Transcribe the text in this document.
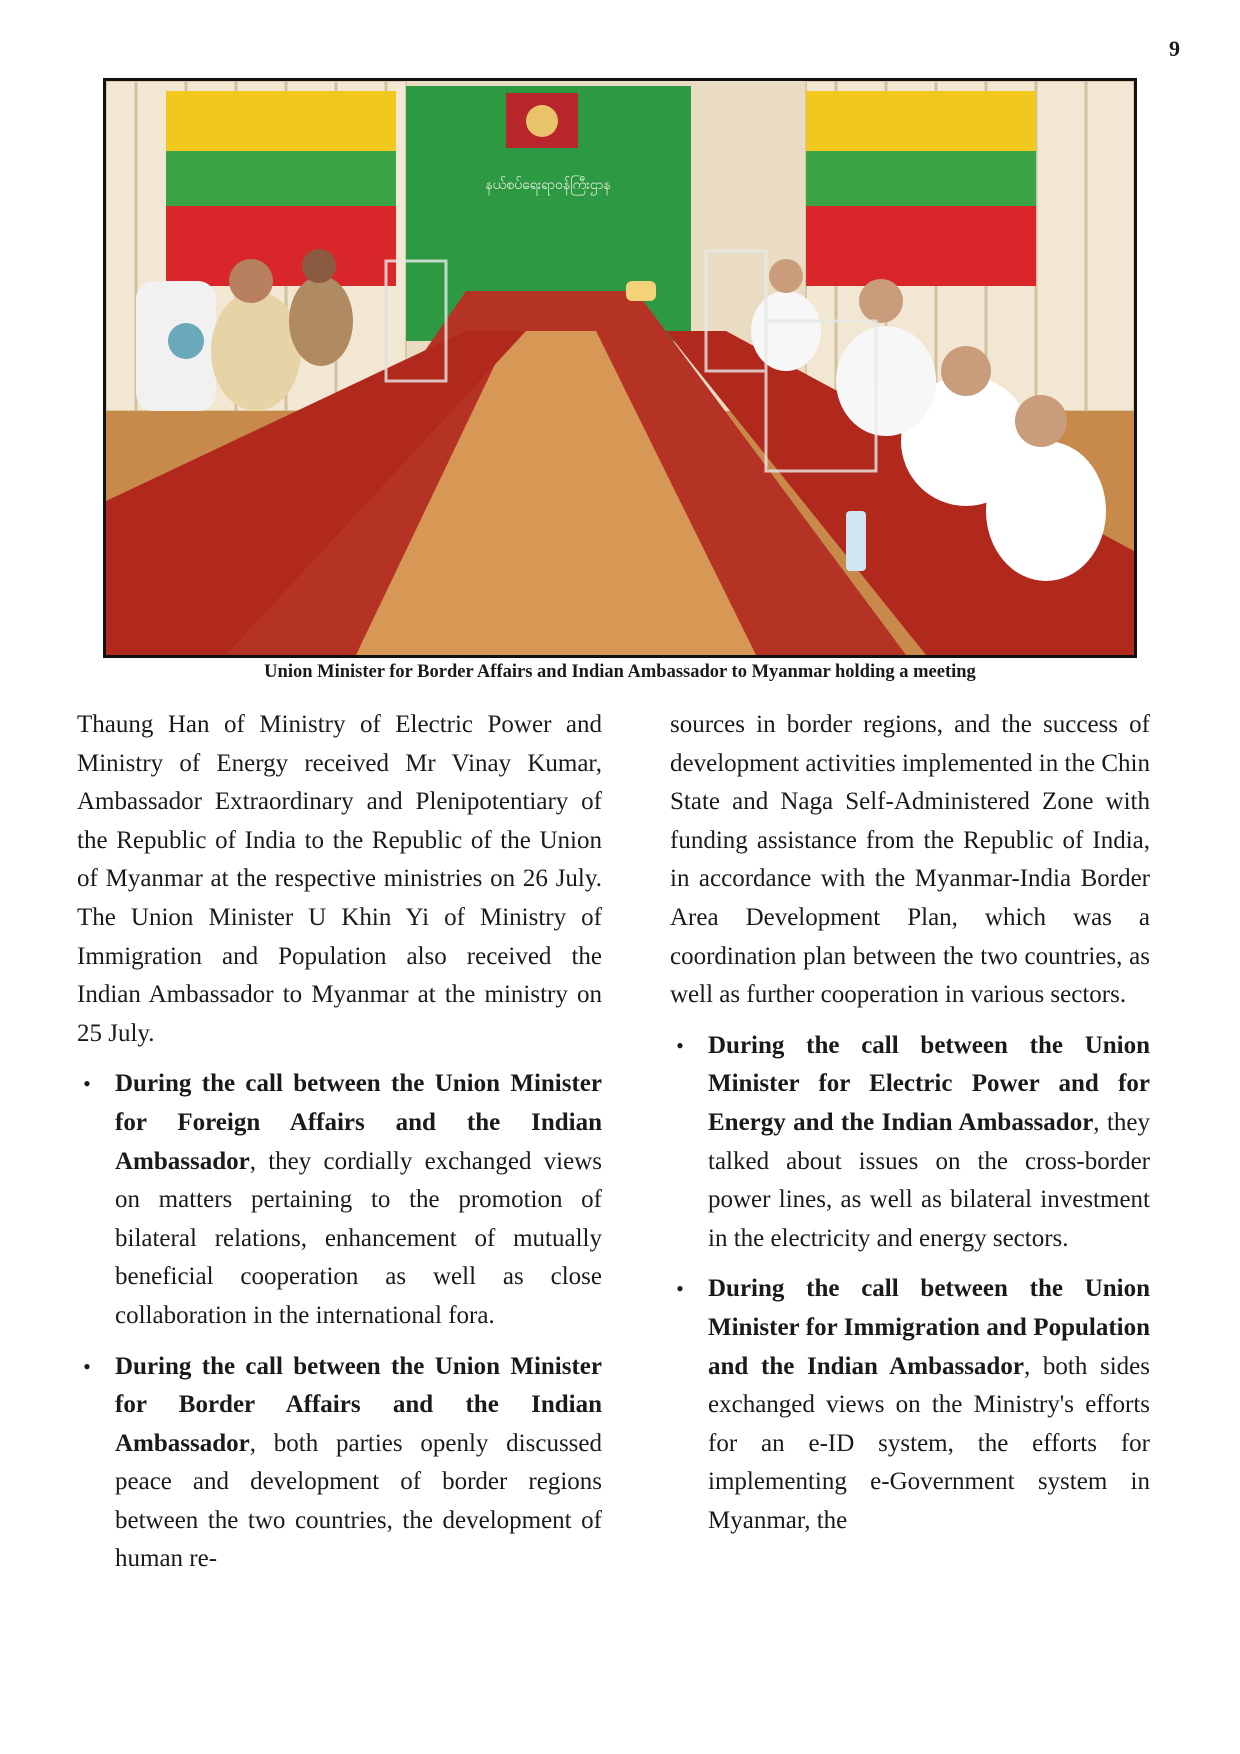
9
နယ်စပ်ရေးရာဝန်ကြီးဌာန
Union Minister for Border Affairs and Indian Ambassador to Myanmar holding a meeting

Thaung Han of Ministry of Electric Power and Ministry of Energy received Mr Vinay Kumar, Ambassador Extraordinary and Plenipotentiary of the Republic of India to the Republic of the Union of Myanmar at the respective ministries on 26 July. The Union Minister U Khin Yi of Ministry of Immigration and Population also received the Indian Ambassador to Myanmar at the ministry on 25 July.

• During the call between the Union Minister for Foreign Affairs and the Indian Ambassador, they cordially exchanged views on matters pertaining to the promotion of bilateral relations, enhancement of mutually beneficial cooperation as well as close collaboration in the international fora.
• During the call between the Union Minister for Border Affairs and the Indian Ambassador, both parties openly discussed peace and development of border regions between the two countries, the development of human re-

sources in border regions, and the success of development activities implemented in the Chin State and Naga Self-Administered Zone with funding assistance from the Republic of India, in accordance with the Myanmar-India Border Area Development Plan, which was a coordination plan between the two countries, as well as further cooperation in various sectors.

• During the call between the Union Minister for Electric Power and for Energy and the Indian Ambassador, they talked about issues on the cross-border power lines, as well as bilateral investment in the electricity and energy sectors.
• During the call between the Union Minister for Immigration and Population and the Indian Ambassador, both sides exchanged views on the Ministry's efforts for an e-ID system, the efforts for implementing e-Government system in Myanmar, the
